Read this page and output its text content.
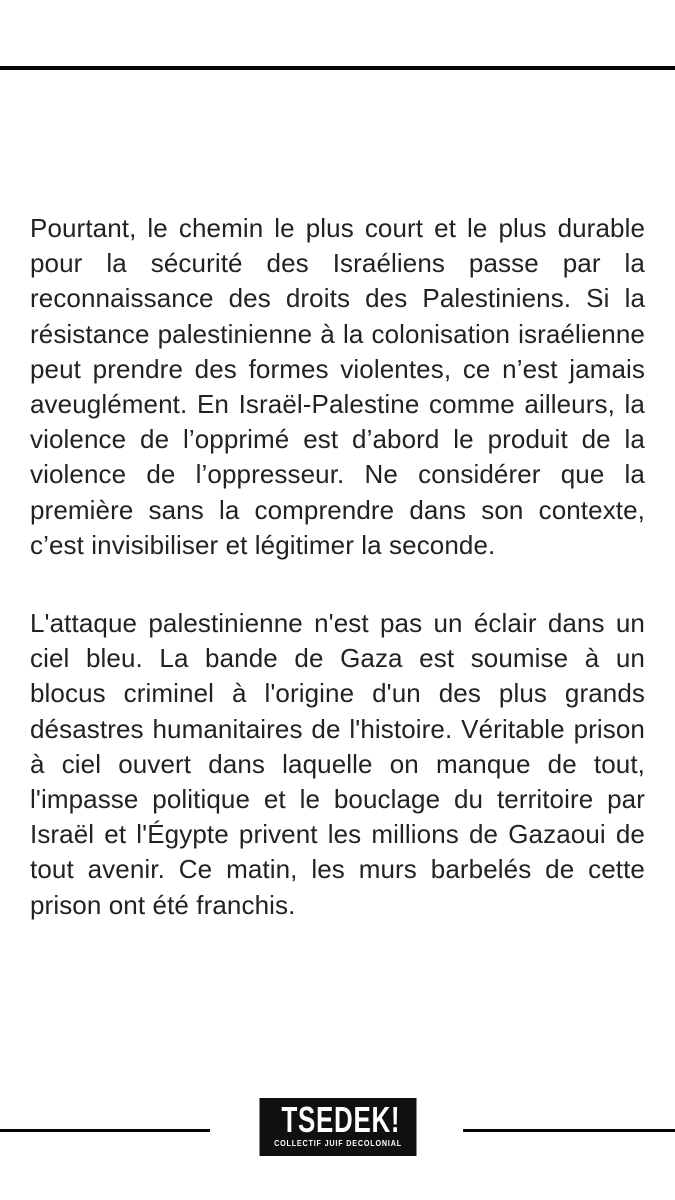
Pourtant, le chemin le plus court et le plus durable pour la sécurité des Israéliens passe par la reconnaissance des droits des Palestiniens. Si la résistance palestinienne à la colonisation israélienne peut prendre des formes violentes, ce n’est jamais aveuglément. En Israël-Palestine comme ailleurs, la violence de l’opprimé est d’abord le produit de la violence de l’oppresseur. Ne considérer que la première sans la comprendre dans son contexte, c’est invisibiliser et légitimer la seconde.

L'attaque palestinienne n'est pas un éclair dans un ciel bleu. La bande de Gaza est soumise à un blocus criminel à l'origine d'un des plus grands désastres humanitaires de l'histoire. Véritable prison à ciel ouvert dans laquelle on manque de tout, l'impasse politique et le bouclage du territoire par Israël et l'Égypte privent les millions de Gazaoui de tout avenir. Ce matin, les murs barbelés de cette prison ont été franchis.

TSEDEK!
COLLECTIF JUIF DECOLONIAL
